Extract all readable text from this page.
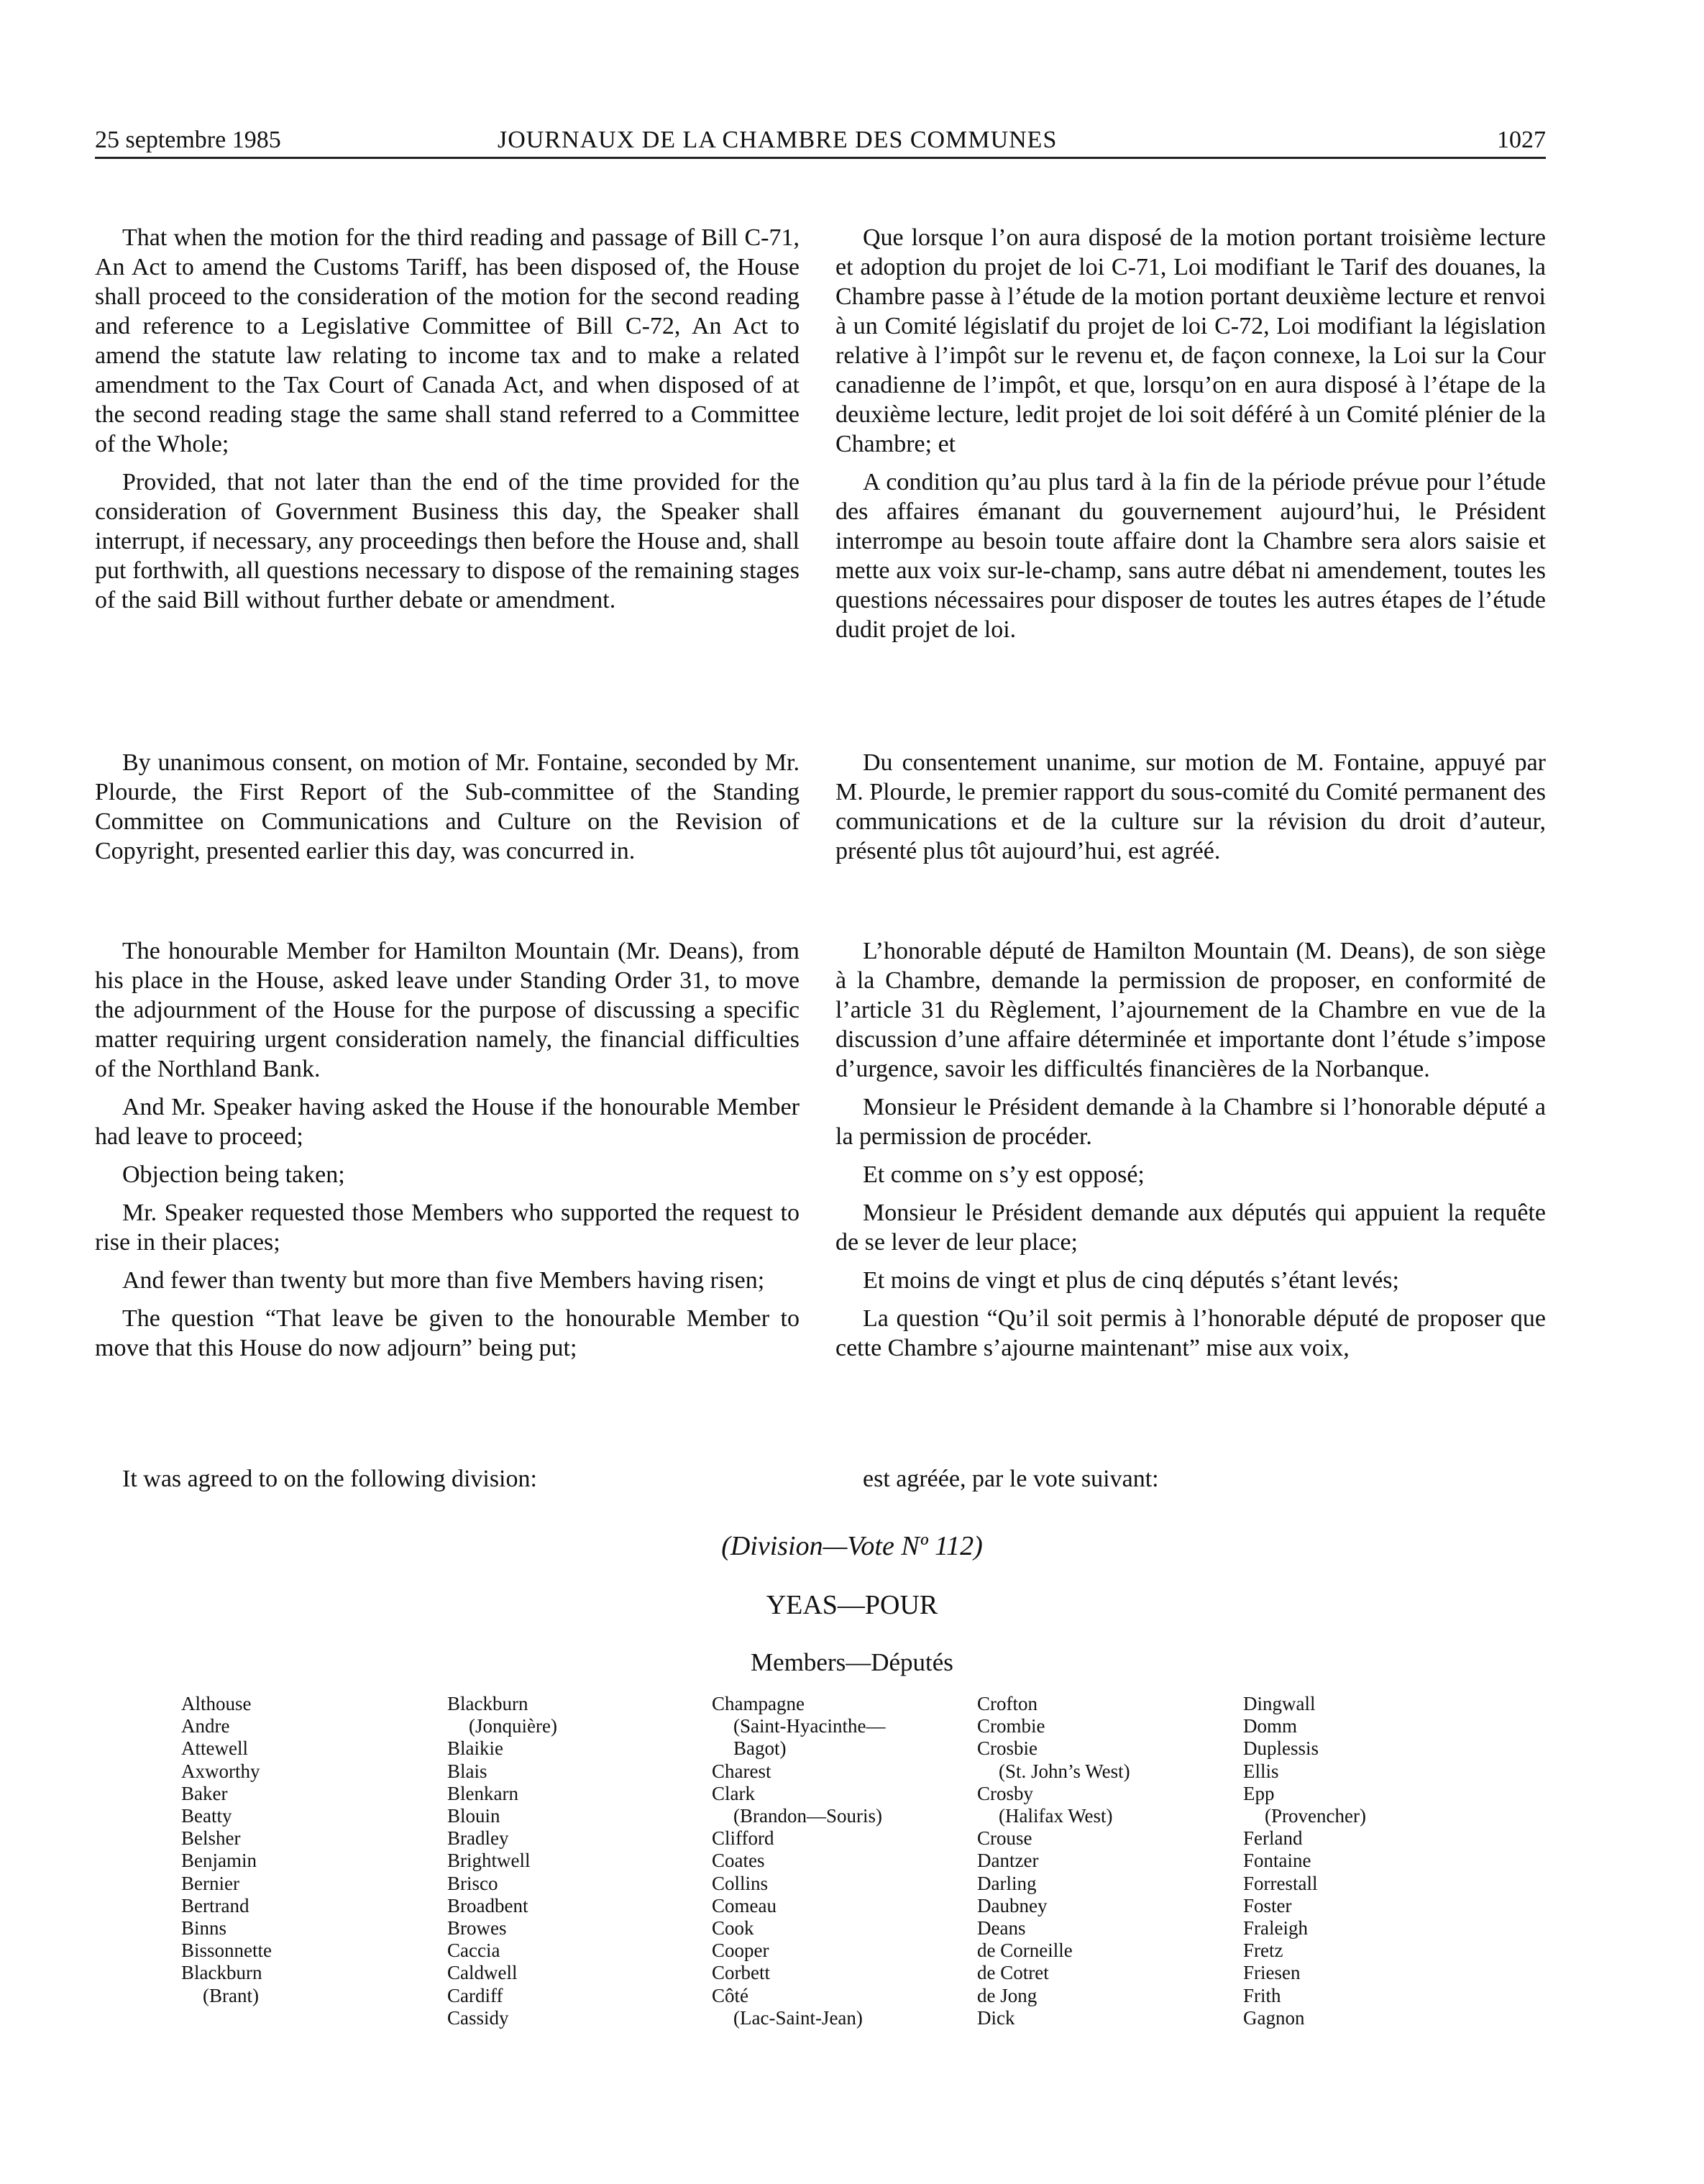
25 septembre 1985	JOURNAUX DE LA CHAMBRE DES COMMUNES	1027

That when the motion for the third reading and passage of Bill C-71, An Act to amend the Customs Tariff, has been disposed of, the House shall proceed to the consideration of the motion for the second reading and reference to a Legislative Committee of Bill C-72, An Act to amend the statute law relating to income tax and to make a related amendment to the Tax Court of Canada Act, and when disposed of at the second reading stage the same shall stand referred to a Committee of the Whole;

Provided, that not later than the end of the time provided for the consideration of Government Business this day, the Speaker shall interrupt, if necessary, any proceedings then before the House and, shall put forthwith, all questions necessary to dispose of the remaining stages of the said Bill without further debate or amendment.

By unanimous consent, on motion of Mr. Fontaine, seconded by Mr. Plourde, the First Report of the Sub-committee of the Standing Committee on Communications and Culture on the Revision of Copyright, presented earlier this day, was concurred in.

The honourable Member for Hamilton Mountain (Mr. Deans), from his place in the House, asked leave under Standing Order 31, to move the adjournment of the House for the purpose of discussing a specific matter requiring urgent consideration namely, the financial difficulties of the Northland Bank.

And Mr. Speaker having asked the House if the honourable Member had leave to proceed;

Objection being taken;

Mr. Speaker requested those Members who supported the request to rise in their places;

And fewer than twenty but more than five Members having risen;

The question “That leave be given to the honourable Member to move that this House do now adjourn” being put;

It was agreed to on the following division:

Que lorsque l’on aura disposé de la motion portant troisième lecture et adoption du projet de loi C-71, Loi modifiant le Tarif des douanes, la Chambre passe à l’étude de la motion portant deuxième lecture et renvoi à un Comité législatif du projet de loi C-72, Loi modifiant la législation relative à l’impôt sur le revenu et, de façon connexe, la Loi sur la Cour canadienne de l’impôt, et que, lorsqu’on en aura disposé à l’étape de la deuxième lecture, ledit projet de loi soit déféré à un Comité plénier de la Chambre; et

A condition qu’au plus tard à la fin de la période prévue pour l’étude des affaires émanant du gouvernement aujourd’hui, le Président interrompe au besoin toute affaire dont la Chambre sera alors saisie et mette aux voix sur-le-champ, sans autre débat ni amendement, toutes les questions nécessaires pour disposer de toutes les autres étapes de l’étude dudit projet de loi.

Du consentement unanime, sur motion de M. Fontaine, appuyé par M. Plourde, le premier rapport du sous-comité du Comité permanent des communications et de la culture sur la révision du droit d’auteur, présenté plus tôt aujourd’hui, est agréé.

L’honorable député de Hamilton Mountain (M. Deans), de son siège à la Chambre, demande la permission de proposer, en conformité de l’article 31 du Règlement, l’ajournement de la Chambre en vue de la discussion d’une affaire déterminée et importante dont l’étude s’impose d’urgence, savoir les difficultés financières de la Norbanque.

Monsieur le Président demande à la Chambre si l’honorable député a la permission de procéder.

Et comme on s’y est opposé;

Monsieur le Président demande aux députés qui appuient la requête de se lever de leur place;

Et moins de vingt et plus de cinq députés s’étant levés;

La question “Qu’il soit permis à l’honorable député de proposer que cette Chambre s’ajourne maintenant” mise aux voix,

est agréée, par le vote suivant:

(Division—Vote Nº 112)
YEAS—POUR
Members—Députés
Althouse
Andre
Attewell
Axworthy
Baker
Beatty
Belsher
Benjamin
Bernier
Bertrand
Binns
Bissonnette
Blackburn
(Brant)
Blackburn
(Jonquière)
Blaikie
Blais
Blenkarn
Blouin
Bradley
Brightwell
Brisco
Broadbent
Browes
Caccia
Caldwell
Cardiff
Cassidy
Champagne
(Saint-Hyacinthe—
Bagot)
Charest
Clark
(Brandon—Souris)
Clifford
Coates
Collins
Comeau
Cook
Cooper
Corbett
Côté
(Lac-Saint-Jean)
Crofton
Crombie
Crosbie
(St. John’s West)
Crosby
(Halifax West)
Crouse
Dantzer
Darling
Daubney
Deans
de Corneille
de Cotret
de Jong
Dick
Dingwall
Domm
Duplessis
Ellis
Epp
(Provencher)
Ferland
Fontaine
Forrestall
Foster
Fraleigh
Fretz
Friesen
Frith
Gagnon
